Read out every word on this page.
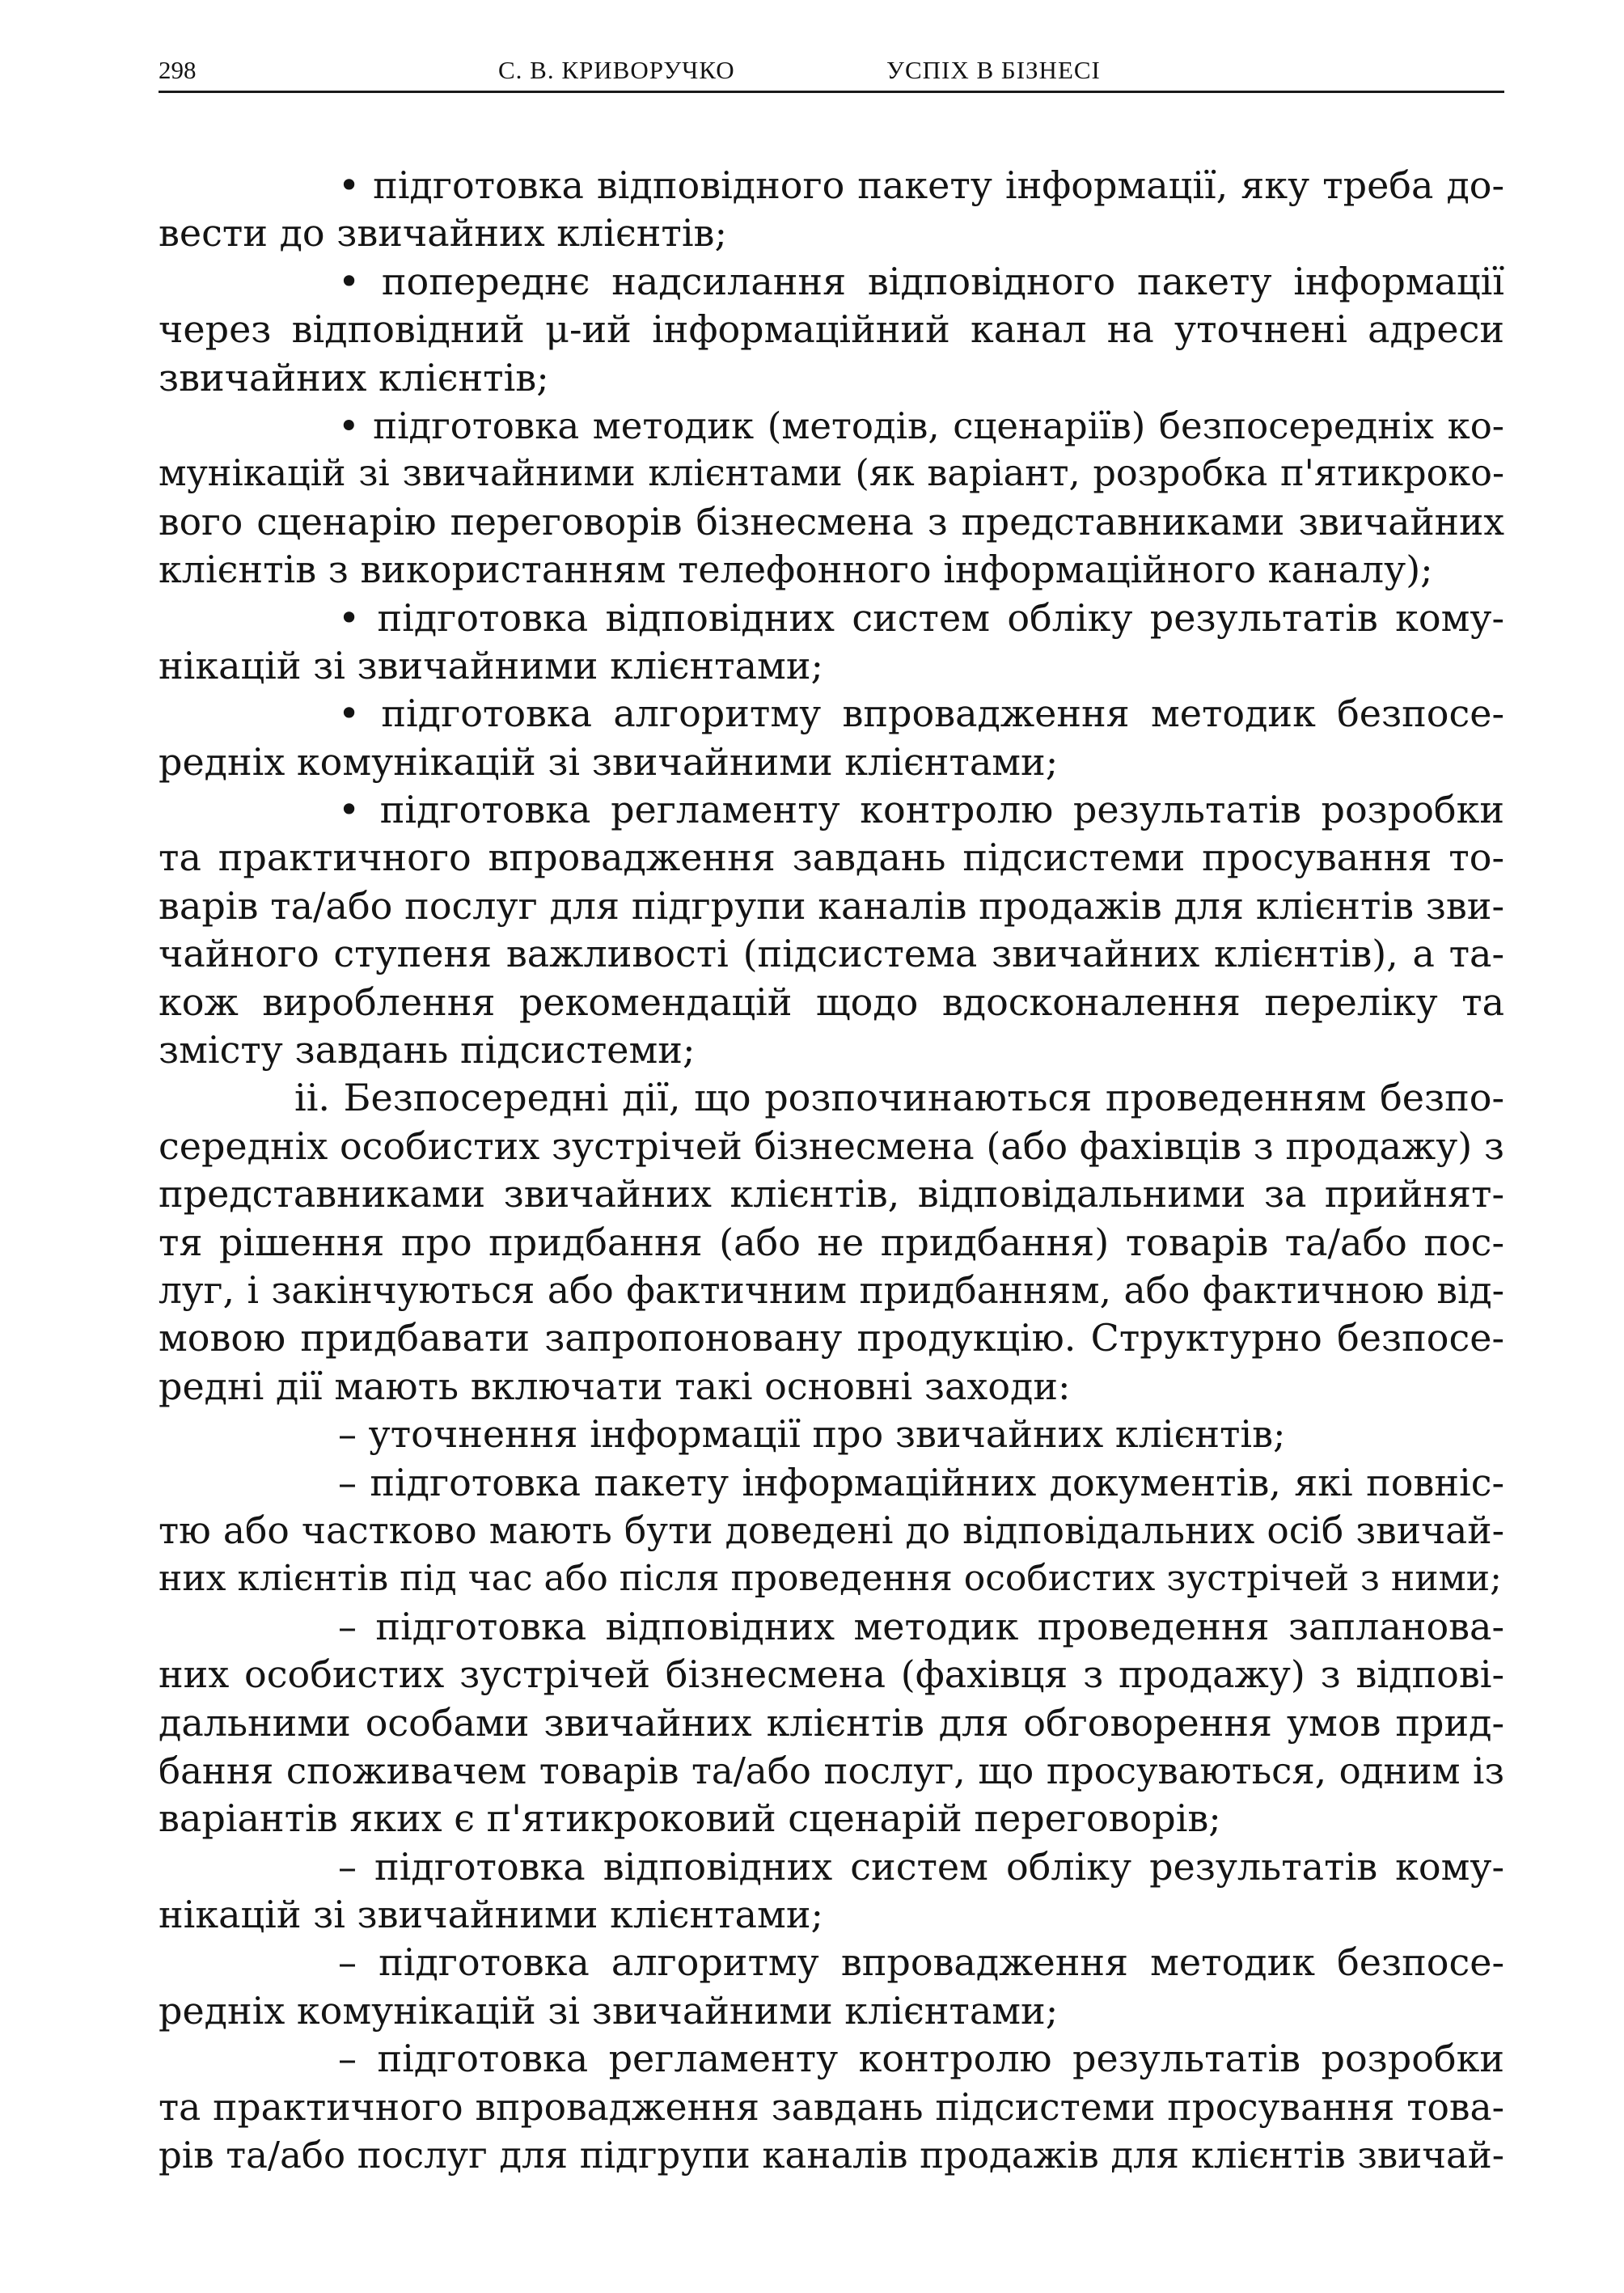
298	С. В. КРИВОРУЧКО	УСПІХ В БІЗНЕСІ
• підготовка відповідного пакету інформації, яку треба до-
вести до звичайних клієнтів;
• попереднє надсилання відповідного пакету інформації
через відповідний μ-ий інформаційний канал на уточнені адреси
звичайних клієнтів;
• підготовка методик (методів, сценаріїв) безпосередніх ко-
мунікацій зі звичайними клієнтами (як варіант, розробка п'ятикроко-
вого сценарію переговорів бізнесмена з представниками звичайних
клієнтів з використанням телефонного інформаційного каналу);
• підготовка відповідних систем обліку результатів кому-
нікацій зі звичайними клієнтами;
• підготовка алгоритму впровадження методик безпосе-
редніх комунікацій зі звичайними клієнтами;
• підготовка регламенту контролю результатів розробки
та практичного впровадження завдань підсистеми просування то-
варів та/або послуг для підгрупи каналів продажів для клієнтів зви-
чайного ступеня важливості (підсистема звичайних клієнтів), а та-
кож вироблення рекомендацій щодо вдосконалення переліку та
змісту завдань підсистеми;
ii. Безпосередні дії, що розпочинаються проведенням безпо-
середніх особистих зустрічей бізнесмена (або фахівців з продажу) з
представниками звичайних клієнтів, відповідальними за прийнят-
тя рішення про придбання (або не придбання) товарів та/або пос-
луг, і закінчуються або фактичним придбанням, або фактичною від-
мовою придбавати запропоновану продукцію. Структурно безпосе-
редні дії мають включати такі основні заходи:
– уточнення інформації про звичайних клієнтів;
– підготовка пакету інформаційних документів, які повніс-
тю або частково мають бути доведені до відповідальних осіб звичай-
них клієнтів під час або після проведення особистих зустрічей з ними;
– підготовка відповідних методик проведення запланова-
них особистих зустрічей бізнесмена (фахівця з продажу) з відпові-
дальними особами звичайних клієнтів для обговорення умов прид-
бання споживачем товарів та/або послуг, що просуваються, одним із
варіантів яких є п'ятикроковий сценарій переговорів;
– підготовка відповідних систем обліку результатів кому-
нікацій зі звичайними клієнтами;
– підготовка алгоритму впровадження методик безпосе-
редніх комунікацій зі звичайними клієнтами;
– підготовка регламенту контролю результатів розробки
та практичного впровадження завдань підсистеми просування това-
рів та/або послуг для підгрупи каналів продажів для клієнтів звичай-
